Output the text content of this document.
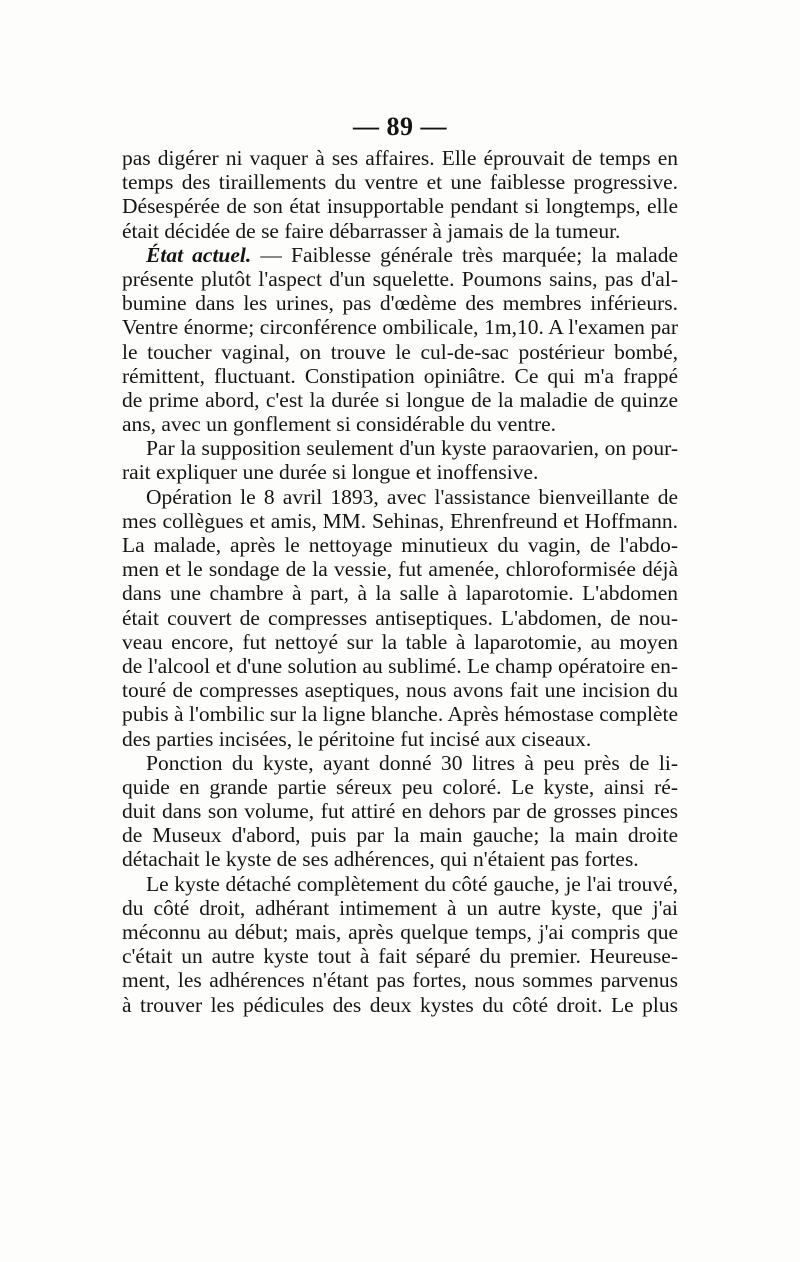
— 89 —
pas digérer ni vaquer à ses affaires. Elle éprouvait de temps en
temps des tiraillements du ventre et une faiblesse progressive.
Désespérée de son état insupportable pendant si longtemps, elle
était décidée de se faire débarrasser à jamais de la tumeur.
État actuel. — Faiblesse générale très marquée; la malade
présente plutôt l'aspect d'un squelette. Poumons sains, pas d'al-
bumine dans les urines, pas d'œdème des membres inférieurs.
Ventre énorme; circonférence ombilicale, 1m,10. A l'examen par
le toucher vaginal, on trouve le cul-de-sac postérieur bombé,
rémittent, fluctuant. Constipation opiniâtre. Ce qui m'a frappé
de prime abord, c'est la durée si longue de la maladie de quinze
ans, avec un gonflement si considérable du ventre.
Par la supposition seulement d'un kyste paraovarien, on pour-
rait expliquer une durée si longue et inoffensive.
Opération le 8 avril 1893, avec l'assistance bienveillante de
mes collègues et amis, MM. Sehinas, Ehrenfreund et Hoffmann.
La malade, après le nettoyage minutieux du vagin, de l'abdo-
men et le sondage de la vessie, fut amenée, chloroformisée déjà
dans une chambre à part, à la salle à laparotomie. L'abdomen
était couvert de compresses antiseptiques. L'abdomen, de nou-
veau encore, fut nettoyé sur la table à laparotomie, au moyen
de l'alcool et d'une solution au sublimé. Le champ opératoire en-
touré de compresses aseptiques, nous avons fait une incision du
pubis à l'ombilic sur la ligne blanche. Après hémostase complète
des parties incisées, le péritoine fut incisé aux ciseaux.
Ponction du kyste, ayant donné 30 litres à peu près de li-
quide en grande partie séreux peu coloré. Le kyste, ainsi ré-
duit dans son volume, fut attiré en dehors par de grosses pinces
de Museux d'abord, puis par la main gauche; la main droite
détachait le kyste de ses adhérences, qui n'étaient pas fortes.
Le kyste détaché complètement du côté gauche, je l'ai trouvé,
du côté droit, adhérant intimement à un autre kyste, que j'ai
méconnu au début; mais, après quelque temps, j'ai compris que
c'était un autre kyste tout à fait séparé du premier. Heureuse-
ment, les adhérences n'étant pas fortes, nous sommes parvenus
à trouver les pédicules des deux kystes du côté droit. Le plus
